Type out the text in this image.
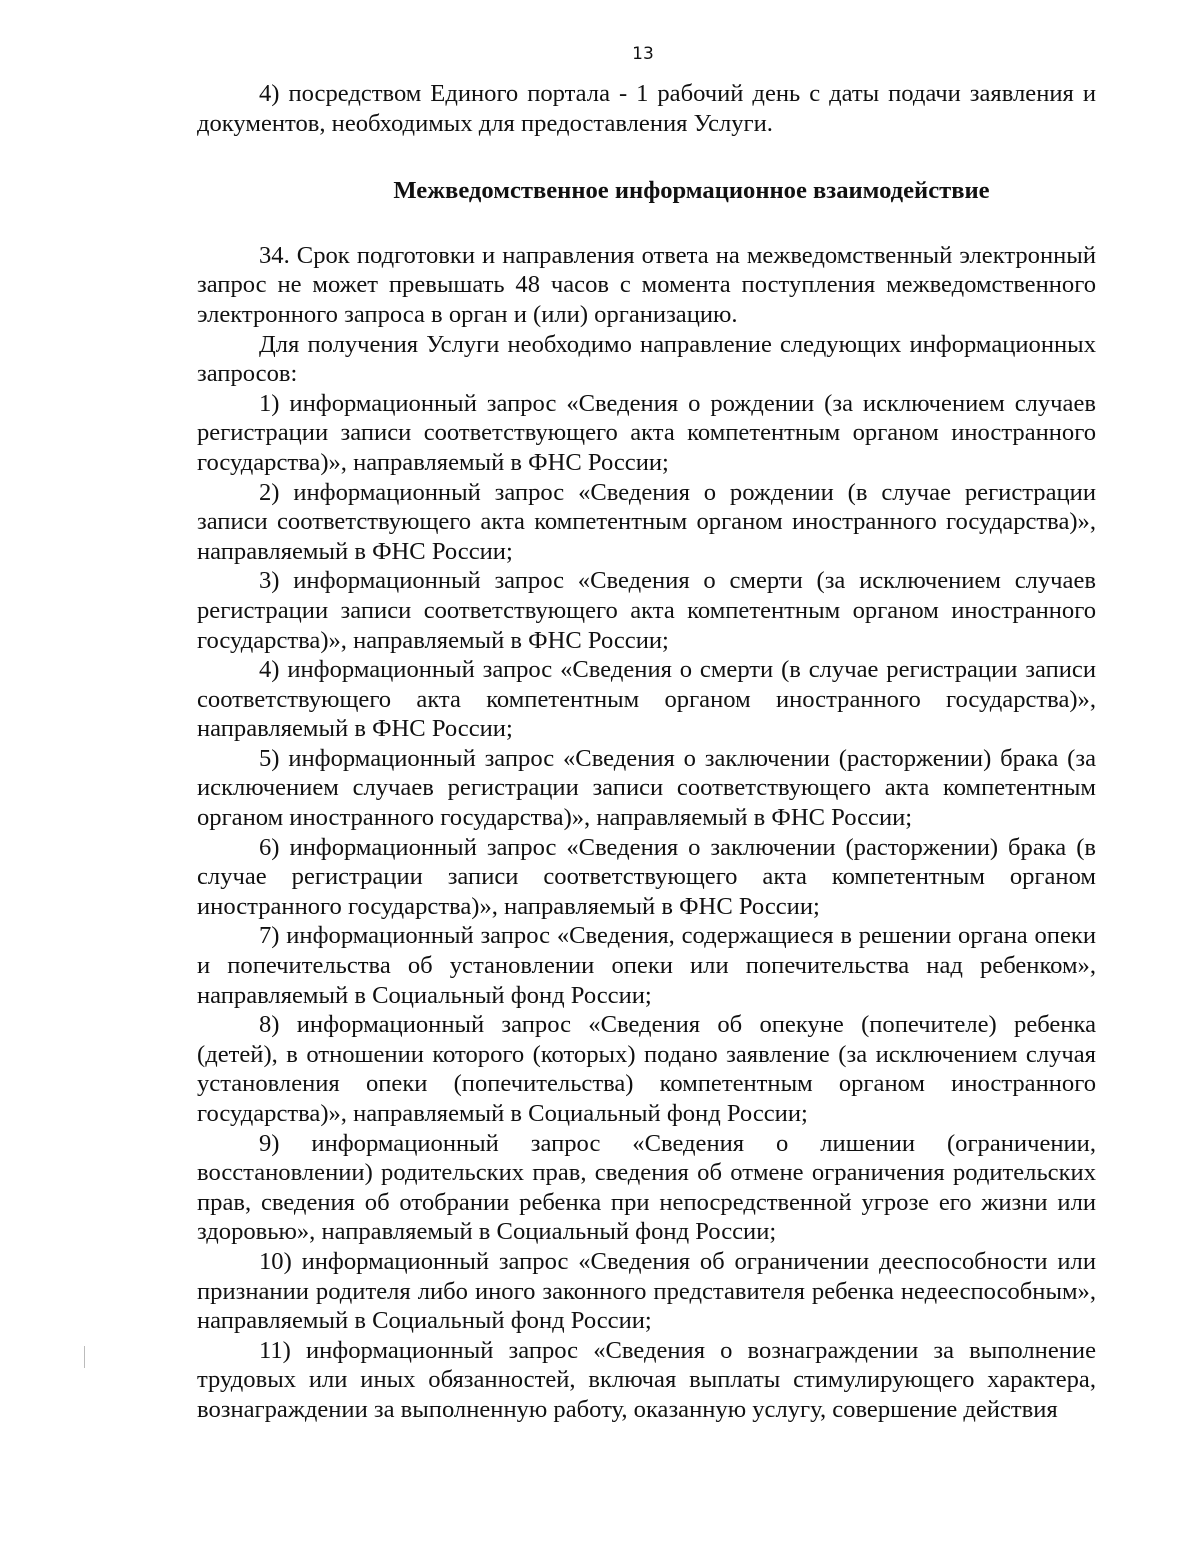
13

4) посредством Единого портала - 1 рабочий день с даты подачи заявления и документов, необходимых для предоставления Услуги.

Межведомственное информационное взаимодействие

34. Срок подготовки и направления ответа на межведомственный электронный запрос не может превышать 48 часов с момента поступления межведомственного электронного запроса в орган и (или) организацию.

Для получения Услуги необходимо направление следующих информационных запросов:

1) информационный запрос «Сведения о рождении (за исключением случаев регистрации записи соответствующего акта компетентным органом иностранного государства)», направляемый в ФНС России;

2) информационный запрос «Сведения о рождении (в случае регистрации записи соответствующего акта компетентным органом иностранного государства)», направляемый в ФНС России;

3) информационный запрос «Сведения о смерти (за исключением случаев регистрации записи соответствующего акта компетентным органом иностранного государства)», направляемый в ФНС России;

4) информационный запрос «Сведения о смерти (в случае регистрации записи соответствующего акта компетентным органом иностранного государства)», направляемый в ФНС России;

5) информационный запрос «Сведения о заключении (расторжении) брака (за исключением случаев регистрации записи соответствующего акта компетентным органом иностранного государства)», направляемый в ФНС России;

6) информационный запрос «Сведения о заключении (расторжении) брака (в случае регистрации записи соответствующего акта компетентным органом иностранного государства)», направляемый в ФНС России;

7) информационный запрос «Сведения, содержащиеся в решении органа опеки и попечительства об установлении опеки или попечительства над ребенком», направляемый в Социальный фонд России;

8) информационный запрос «Сведения об опекуне (попечителе) ребенка (детей), в отношении которого (которых) подано заявление (за исключением случая установления опеки (попечительства) компетентным органом иностранного государства)», направляемый в Социальный фонд России;

9) информационный запрос «Сведения о лишении (ограничении, восстановлении) родительских прав, сведения об отмене ограничения родительских прав, сведения об отобрании ребенка при непосредственной угрозе его жизни или здоровью», направляемый в Социальный фонд России;

10) информационный запрос «Сведения об ограничении дееспособности или признании родителя либо иного законного представителя ребенка недееспособным», направляемый в Социальный фонд России;

11) информационный запрос «Сведения о вознаграждении за выполнение трудовых или иных обязанностей, включая выплаты стимулирующего характера, вознаграждении за выполненную работу, оказанную услугу, совершение действия
